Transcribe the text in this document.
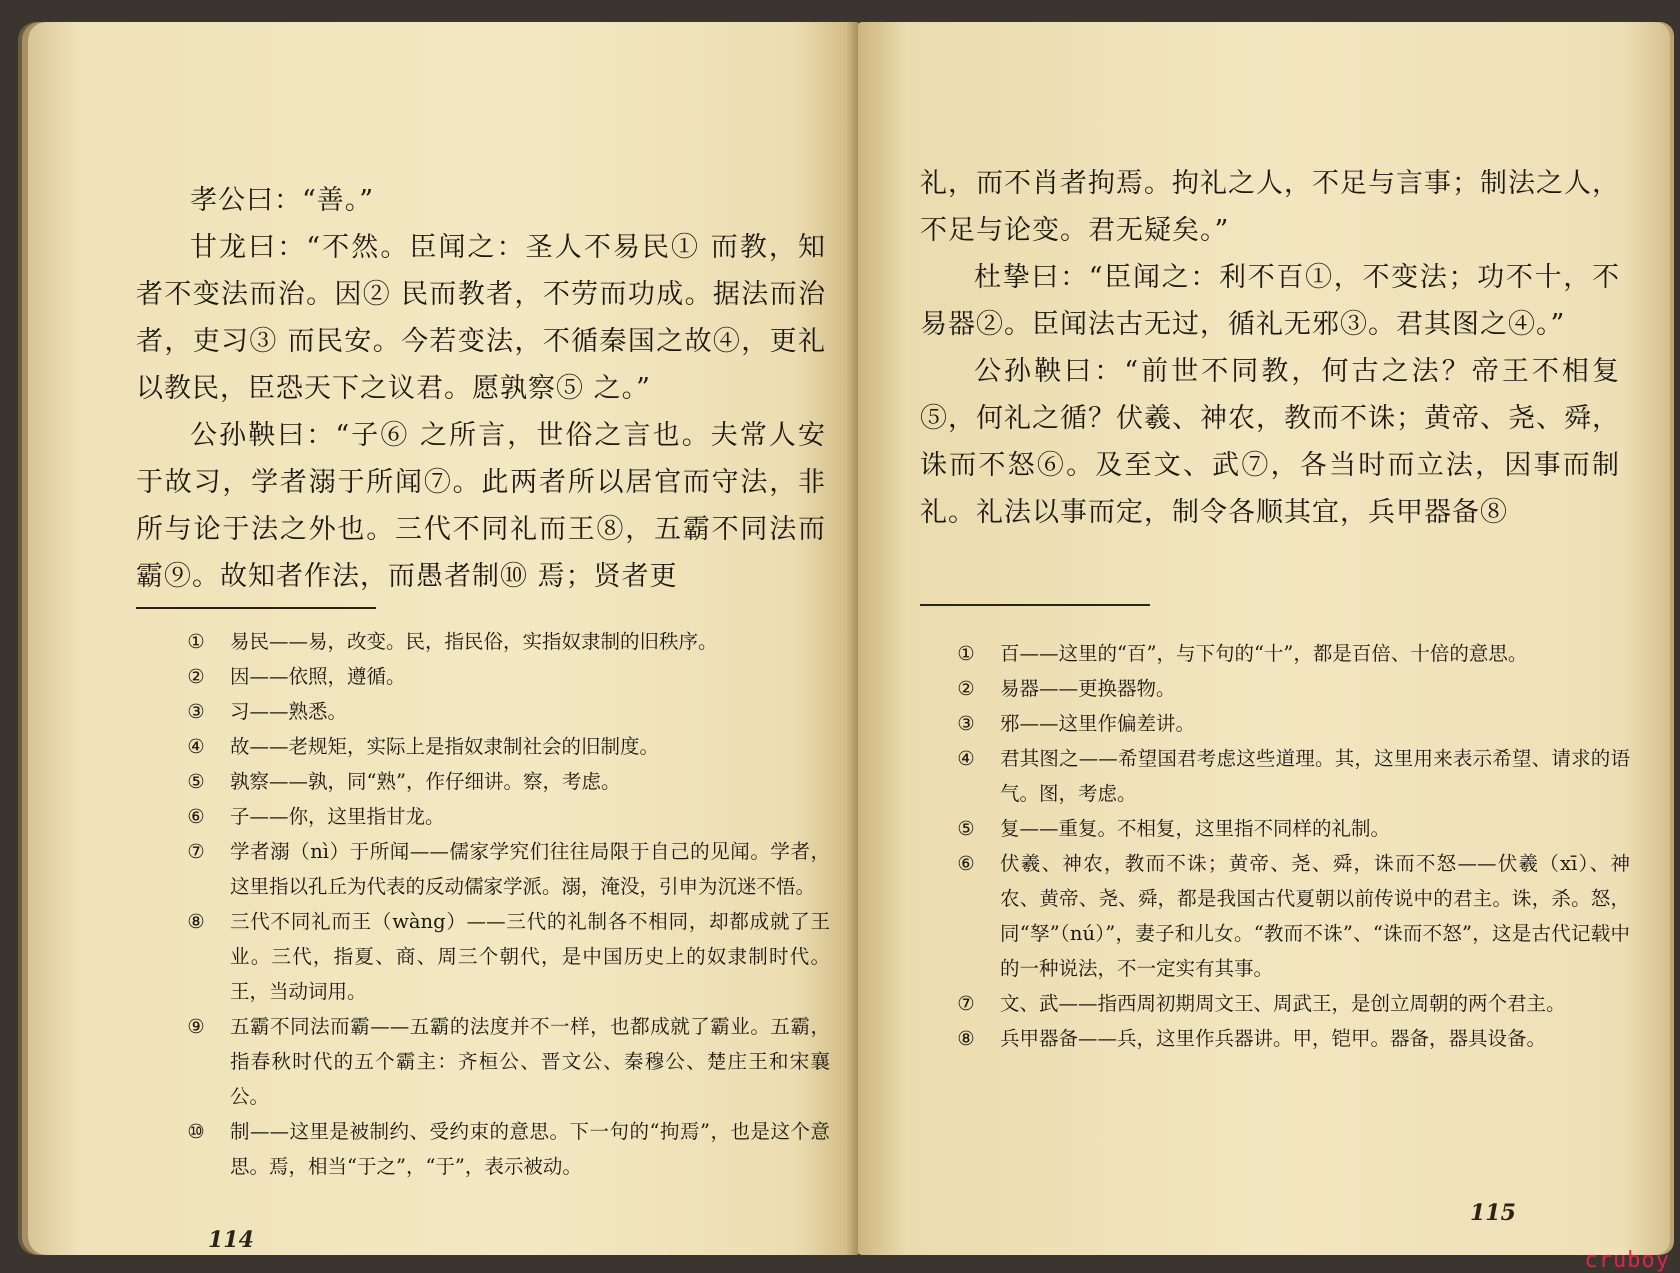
孝公曰：“善。”

甘龙曰：“不然。臣闻之：圣人不易民① 而教，知者不变法而治。因② 民而教者，不劳而功成。据法而治者，吏习③ 而民安。今若变法，不循秦国之故④，更礼以教民，臣恐天下之议君。愿孰察⑤ 之。”

公孙鞅曰：“子⑥ 之所言，世俗之言也。夫常人安于故习，学者溺于所闻⑦。此两者所以居官而守法，非所与论于法之外也。三代不同礼而王⑧，五霸不同法而霸⑨。故知者作法，而愚者制⑩ 焉；贤者更

①	易民——易，改变。民，指民俗，实指奴隶制的旧秩序。

②	因——依照，遵循。

③	习——熟悉。

④	故——老规矩，实际上是指奴隶制社会的旧制度。

⑤	孰察——孰，同“熟”，作仔细讲。察，考虑。

⑥	子——你，这里指甘龙。

⑦	学者溺（nì）于所闻——儒家学究们往往局限于自己的见闻。学者，这里指以孔丘为代表的反动儒家学派。溺，淹没，引申为沉迷不悟。

⑧	三代不同礼而王（wàng）——三代的礼制各不相同，却都成就了王业。三代，指夏、商、周三个朝代，是中国历史上的奴隶制时代。王，当动词用。

⑨	五霸不同法而霸——五霸的法度并不一样，也都成就了霸业。五霸，指春秋时代的五个霸主：齐桓公、晋文公、秦穆公、楚庄王和宋襄公。

⑩	制——这里是被制约、受约束的意思。下一句的“拘焉”，也是这个意思。焉，相当“于之”，“于”，表示被动。

114

礼，而不肖者拘焉。拘礼之人，不足与言事；制法之人，不足与论变。君无疑矣。”

杜挚曰：“臣闻之：利不百①，不变法；功不十，不易器②。臣闻法古无过，循礼无邪③。君其图之④。”

公孙鞅曰：“前世不同教，何古之法？帝王不相复⑤，何礼之循？伏羲、神农，教而不诛；黄帝、尧、舜，诛而不怒⑥。及至文、武⑦，各当时而立法，因事而制礼。礼法以事而定，制令各顺其宜，兵甲器备⑧

①	百——这里的“百”，与下句的“十”，都是百倍、十倍的意思。

②	易器——更换器物。

③	邪——这里作偏差讲。

④	君其图之——希望国君考虑这些道理。其，这里用来表示希望、请求的语气。图，考虑。

⑤	复——重复。不相复，这里指不同样的礼制。

⑥	伏羲、神农，教而不诛；黄帝、尧、舜，诛而不怒——伏羲（xī）、神农、黄帝、尧、舜，都是我国古代夏朝以前传说中的君主。诛，杀。怒，同“孥”（nú）”，妻子和儿女。“教而不诛”、“诛而不怒”，这是古代记载中的一种说法，不一定实有其事。

⑦	文、武——指西周初期周文王、周武王，是创立周朝的两个君主。

⑧	兵甲器备——兵，这里作兵器讲。甲，铠甲。器备，器具设备。

115
cruboy
